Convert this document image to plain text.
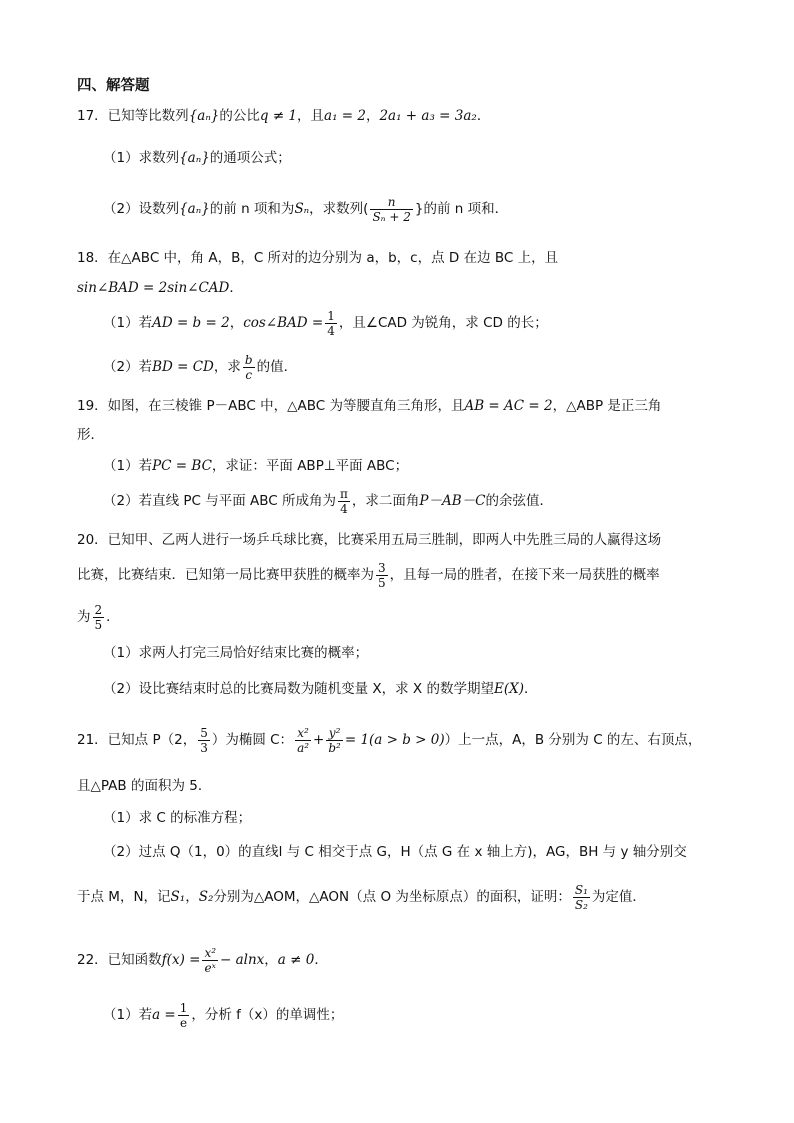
四、解答题
17．已知等比数列{aₙ}的公比q ≠ 1，且a₁ = 2，2a₁ + a₃ = 3a₂．
（1）求数列{aₙ}的通项公式；
（2）设数列{aₙ}的前 n 项和为Sₙ，求数列( $\frac{n}{\text{Sₙ + 2}}$ }的前 n 项和．
18．在△ABC 中，角 A，B，C 所对的边分别为 a，b，c，点 D 在边 BC 上，且
sin∠BAD = 2sin∠CAD．
（1）若AD = b = 2，cos∠BAD = $\frac{1}{4}$ ，且∠CAD 为锐角，求 CD 的长；
（2）若BD = CD，求 $\frac{b}{c}$ 的值．
19．如图，在三棱锥 P－ABC 中，△ABC 为等腰直角三角形，且AB = AC = 2，△ABP 是正三角
形．
（1）若PC = BC，求证：平面 ABP⊥平面 ABC；
（2）若直线 PC 与平面 ABC 所成角为 $\frac{\pi}{4}$ ，求二面角P－AB－C的余弦值．
20．已知甲、乙两人进行一场乒乓球比赛，比赛采用五局三胜制，即两人中先胜三局的人赢得这场
比赛，比赛结束．已知第一局比赛甲获胜的概率为 $\frac{3}{5}$ ，且每一局的胜者，在接下来一局获胜的概率
为 $\frac{2}{5}$ ．
（1）求两人打完三局恰好结束比赛的概率；
（2）设比赛结束时总的比赛局数为随机变量 X，求 X 的数学期望E(X)．
21．已知点 P（2， $\frac{5}{3}$ ）为椭圆 C： $\frac{\text{x²}}{\text{a²}} + \frac{\text{y²}}{\text{b²}} = 1(a > b > 0)$）上一点，A，B 分别为 C 的左、右顶点，
且△PAB 的面积为 5．
（1）求 C 的标准方程；
（2）过点 Q（1，0）的直线l 与 C 相交于点 G，H（点 G 在 x 轴上方)，AG，BH 与 y 轴分别交
于点 M，N，记S₁，S₂分别为△AOM，△AON（点 O 为坐标原点）的面积，证明： $\frac{\text{S₁}}{\text{S₂}}$ 为定值．
22．已知函数$f(x) = \frac{\text{x²}}{\text{eˣ}} - alnx$，a ≠ 0．
（1）若$a = \frac{1}{e}$ ，分析 f（x）的单调性；
